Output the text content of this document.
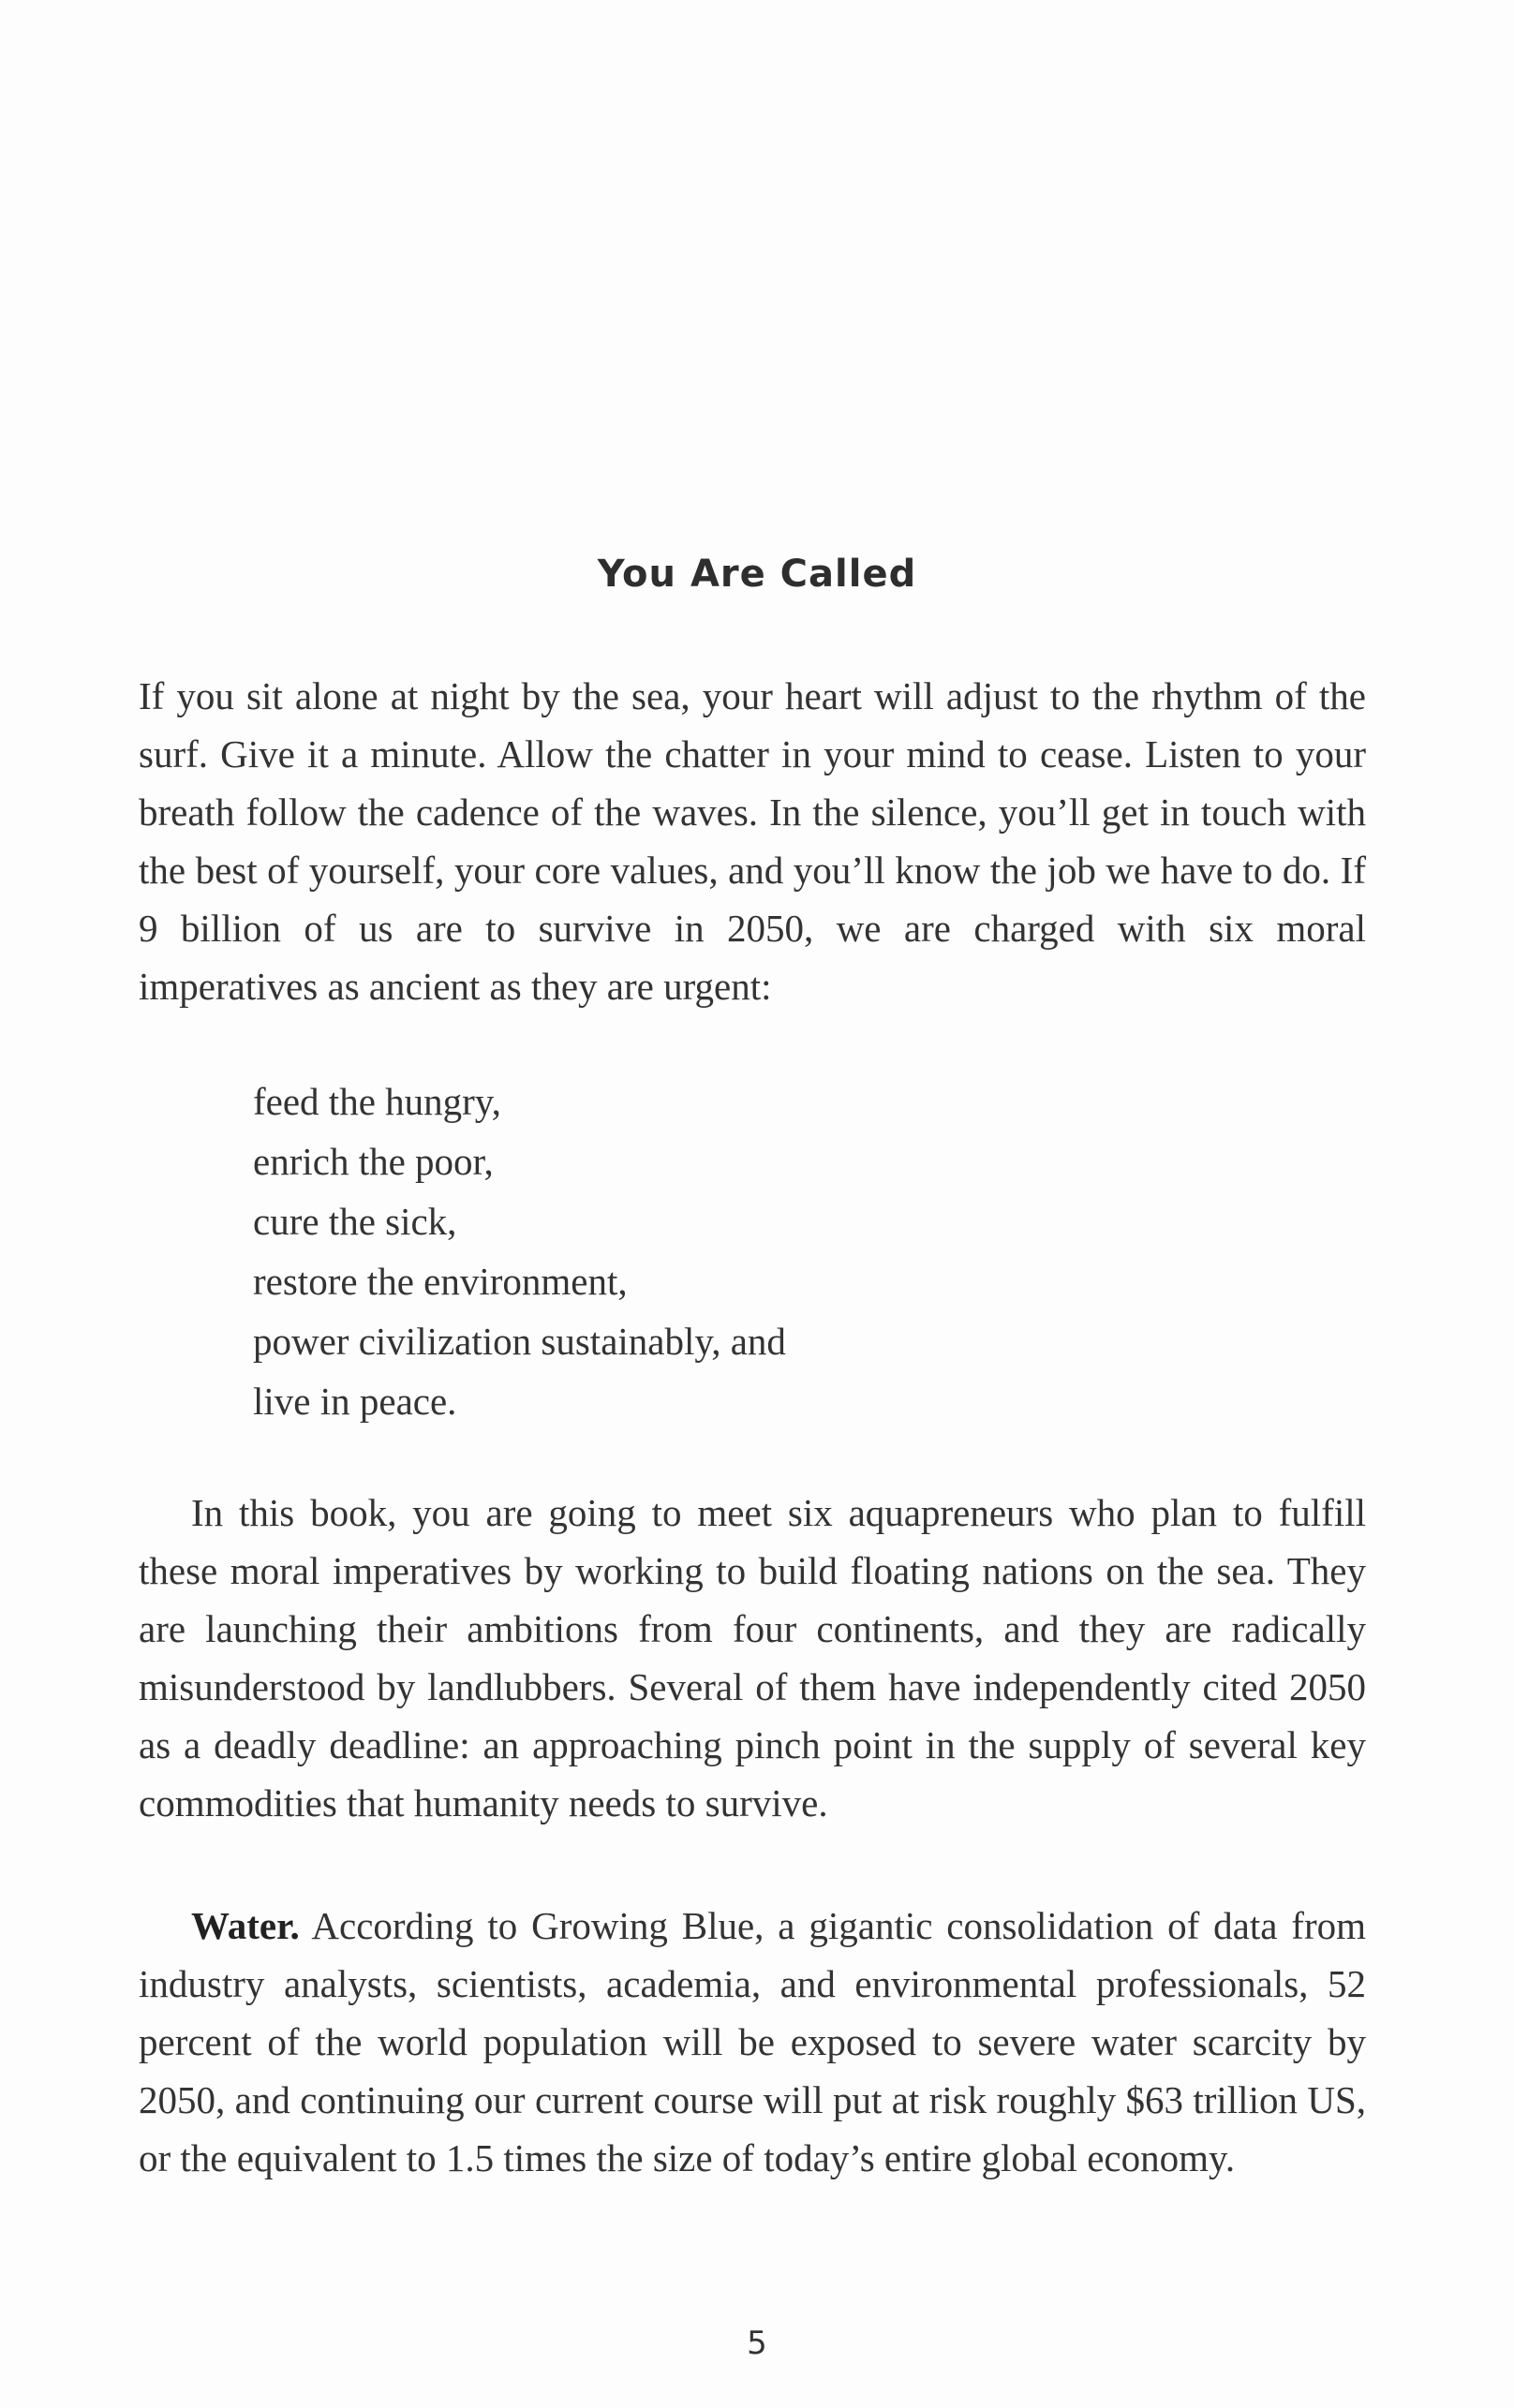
You Are Called

If you sit alone at night by the sea, your heart will adjust to the rhythm of the surf. Give it a minute. Allow the chatter in your mind to cease. Listen to your breath follow the cadence of the waves. In the silence, you’ll get in touch with the best of yourself, your core values, and you’ll know the job we have to do. If 9 billion of us are to survive in 2050, we are charged with six moral imperatives as ancient as they are urgent:

feed the hungry,
enrich the poor,
cure the sick,
restore the environment,
power civilization sustainably, and
live in peace.

In this book, you are going to meet six aquapreneurs who plan to fulfill these moral imperatives by working to build floating nations on the sea. They are launching their ambitions from four continents, and they are radically misunderstood by landlubbers. Several of them have independently cited 2050 as a deadly deadline: an approaching pinch point in the supply of several key commodities that humanity needs to survive.

Water. According to Growing Blue, a gigantic consolidation of data from industry analysts, scientists, academia, and environmental professionals, 52 percent of the world population will be exposed to severe water scarcity by 2050, and continuing our current course will put at risk roughly $63 trillion US, or the equivalent to 1.5 times the size of today’s entire global economy.

5
